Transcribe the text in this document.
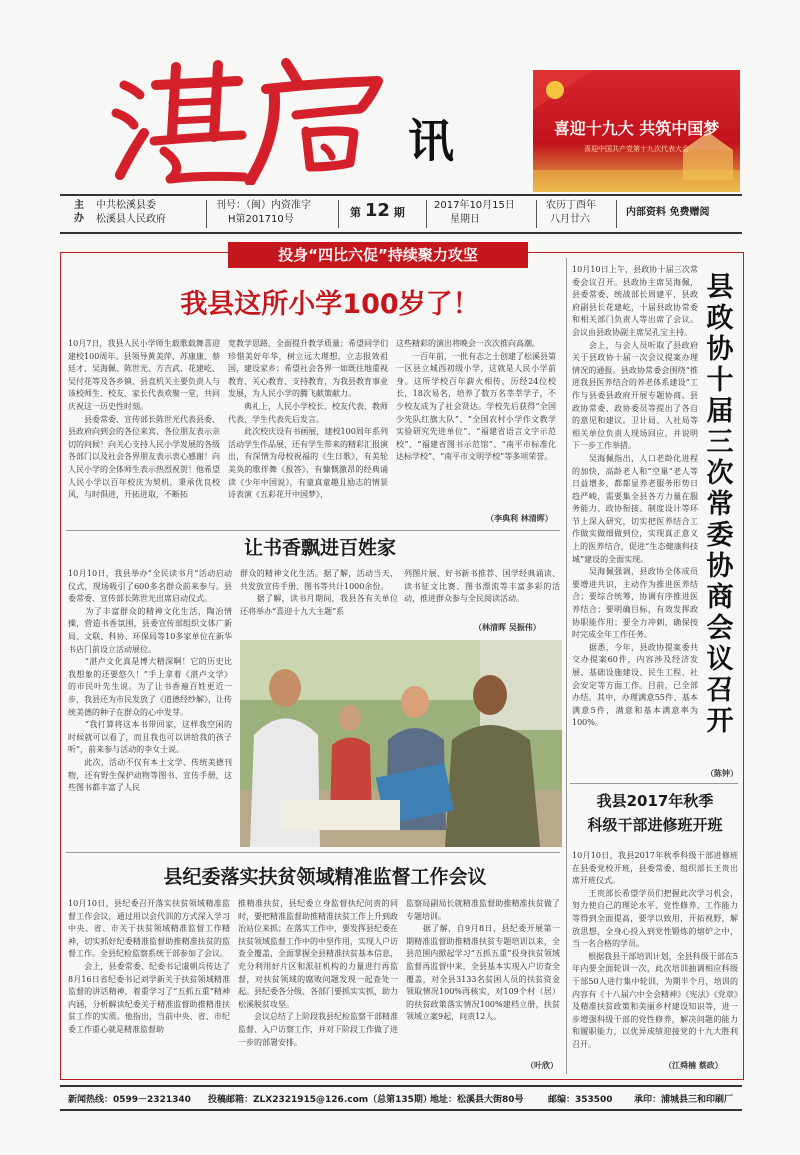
讯	喜迎十九大 共筑中国梦
喜迎中国共产党第十九次代表大会
主
办
中共松溪县委
松溪县人民政府
刊号：（闽）内资准字
H第201710号
第 12 期
2017年10月15日
星期日
农历丁酉年
八月廿六
内部资料 免费赠阅
投身“四比六促”持续聚力攻坚
我县这所小学100岁了！
10月7日，我县人民小学师生载歌载舞喜迎建校100周年。县领导黄美萍、苏康康、蔡廷才、吴海佩、陈世光、方吉武、花建屹、吴付花等及各乡镇、县直机关主要负责人与该校师生、校友、家长代表欢聚一堂，共同庆祝这一历史性时刻。
　　县委常委、宣传部长陈世光代表县委、县政府向到会的各位来宾、各位朋友表示亲切的问候！向关心支持人民小学发展的各级各部门以及社会各界朋友表示衷心感谢！向人民小学的全体师生表示热烈祝贺！他希望人民小学以百年校庆为契机，秉承优良校风，与时俱进，开拓进取，不断拓
宽教学思路，全面提升教学质量；希望同学们珍惜美好年华，树立远大理想，立志报效祖国，建设家乡；希望社会各界一如既往地重视教育、关心教育、支持教育，为我县教育事业发展，为人民小学的腾飞献策献力。
　　典礼上，人民小学校长、校友代表、教师代表、学生代表先后发言。
　　此次校庆设有书画展，建校100周年系列活动学生作品展，还有学生带来的精彩汇报演出，有深情为母校祝福的《生日歌》，有美轮美奂的歌伴舞《报答》，有慷慨激昂的经典诵读《少年中国说》，有童真童趣且励志的情景诗表演《五彩花开中国梦》，
这些精彩的演出将晚会一次次推向高潮。
　　一百年前，一批有志之士创建了松溪县第一区县立城西初级小学，这就是人民小学前身。这所学校百年薪火相传，历经24位校长，18次易名，培养了数万名莘莘学子，不少校友成为了社会贤达。学校先后获得“全国少先队红旗大队”、“全国农村小学作文教学实验研究先进单位”、“福建省语言文字示范校”、“福建省图书示范馆”、“南平市标准化达标学校”、“南平市文明学校”等多项荣誉。
（李典利 林清晖）
让书香飘进百姓家
10月10日，我县举办“全民读书月”活动启动仪式，现场吸引了600多名群众前来参与。县委常委、宣传部长陈世光出席启动仪式。
　　为了丰富群众的精神文化生活，陶冶情操，营造书香氛围，县委宣传部组织文体广新局、文联、科协、环保局等10多家单位在新华书店门前设立活动展位。
　　“湛卢文化真是博大精深啊！它的历史比我想象的还要悠久！”手上拿着《湛卢文学》的市民叶先生说。为了让书香遍百姓更近一步，我县还为市民发放了《道德经纱解》，让传统美德的种子在群众的心中发芽。
　　“我打算将这本书带回家，这样我空闲的时候就可以看了，而且我也可以讲给我的孩子听”，前来参与活动的李女士说。
　　此次，活动不仅有本土文学、传统美德刊物，还有野生保护动物等图书、宣传手册，这些图书都丰富了人民
群众的精神文化生活。据了解，活动当天，共发放宣传手册、图书等共计1000余份。
　　据了解，读书月期间，我县各有关单位还将举办“喜迎十九大主题”系
列图片展、好书新书推荐、国学经典诵读、读书征文比赛、图书漂流等丰富多彩的活动，推进群众参与全民阅读活动。
（林清晖 吴振伟）
县纪委落实扶贫领域精准监督工作会议
10月10日，县纪委召开落实扶贫领域精准监督工作会议，通过用以会代训的方式深入学习中央、省、市关于扶贫领域精准监督工作精神，切实抓好纪委精准监督助推精准扶贫的监督工作。全县纪检监察系统干部参加了会议。
　　会上，县委常委、纪委书记虞朝兵传达了8月16日省纪委书记刘学新关于扶贫领域精准监督的讲话精神，着重学习了“五抓五重”精神内涵，分析解读纪委关于精准监督助推精准扶贫工作的实质。他指出，当前中央、省、市纪委工作重心就是精准监督助
推精准扶贫，县纪委立身监督执纪问责的同时，要把精准监督助推精准扶贫工作上升到政治站位来抓；在落实工作中，要发挥县纪委在扶贫领域监督工作中的中坚作用，实现人户访查全覆盖，全面掌握全县精准扶贫基本信息，充分利用好片区和派驻机构的力量进行再监督，对扶贫领域的腐败问题发现一起查处一起。县纪委各分级、各部门要抓实实抓，助力松溪脱贫攻坚。
　　会议总结了上阶段我县纪检监察干部精准监督、入户访察工作，并对下阶段工作做了进一步的部署安排。
监察局副局长就精准监督助推精准扶贫做了专题培训。
　　据了解，自9月8日，县纪委开展第一期精准监督助推精准扶贫专题培训以来，全县范围内掀起学习“五抓五重”投身扶贫领域监督再监督中来，全县基本实现入户访查全覆盖，对全县3133名贫困人员的扶贫资金领取情况100%再核实，对109个村（居）的扶贫政策落实情况100%建档立册，扶贫领域立案9起，问责12人。
（叶欣）
10月10日上午，县政协十届三次常委会议召开。县政协主席吴海佩，县委常委、统战部长周建平，县政府副县长花建屹，十届县政协常委和相关部门负责人等出席了会议。会议由县政协副主席吴孔宝主持。
　　会上，与会人员听取了县政府关于县政协十届一次会议提案办理情况的通报。县政协常委会围绕“推进我县医养结合的养老体系建设”工作与县委县政府开展专题协商。县政协常委、政协委员等提出了各自的意见和建议。卫计局、人社局等相关单位负责人现场回应，并说明下一步工作举措。
　　吴海佩指出，人口老龄化进程的加快，高龄老人和“空巢”老人等日益增多，都都显养老服务形势日趋严峻，需要集全县各方力量在服务能力、政协衔接、制度设计等环节上深入研究，切实把医养结合工作做实做细做到位，实现真正意义上的医养结合，促进“生态健康科技城”建设的全面实现。
　　吴海佩强调，县政协全体成员要增进共识，主动作为推进医养结合；要综合统筹，协调有序推进医养结合；要明确目标，有效发挥政协职能作用；要全力冲刺，确保按时完成全年工作任务。
　　据悉，今年，县政协提案委共交办提案60件，内容涉及经济发展、基础设施建设、民生工程、社会安定等方面工作。目前，已全部办结。其中，办理满意55件、基本满意5件，满意和基本满意率为100%。
县政协十届三次常委协商会议召开
（陈钟）
我县2017年秋季
科级干部进修班开班
10月10日，我县2017年秋季科级干部进修班在县委党校开班，县委常委、组织部长王贵出席开班仪式。
　　王贵部长希望学员们把握此次学习机会，努力使自己的理论水平、党性修养、工作能力等得到全面提高，要学以致用，开拓视野，解放思想，全身心投入到党性锻炼的熔炉之中，当一名合格的学员。
　　根据我县干部培训计划，全县科级干部在5年内要全面轮训一次，此次培训抽调相应科级干部50人进行集中轮训，为期半个月，培训的内容有《十八届六中全会精神》《宪法》《党章》及精准扶贫政策和美丽乡村建设知识等，进一步增强科级干部的党性修养，解决问题的能力和履职能力，以优异成绩迎接党的十九大胜利召开。
（江舜楠 蔡政）
新闻热线：0599－2321340 投稿邮箱：ZLX2321915@126.com（总第135期）
地址：松溪县大街80号	邮编：353500 承印：浦城县三和印刷厂
